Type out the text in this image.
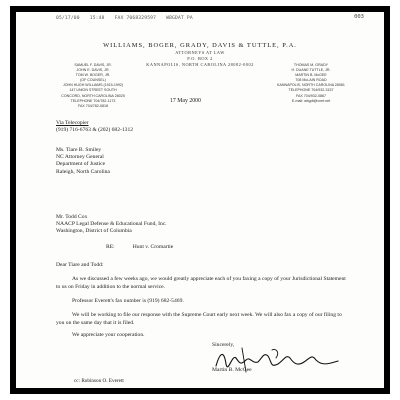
05/17/00 15:48 FAX 7068329597 WBGDAT PA	003
WILLIAMS, BOGER, GRADY, DAVIS & TUTTLE, P.A.
ATTORNEYS AT LAW
P.O. BOX 2
KANNAPOLIS, NORTH CAROLINA 28082-0002
SAMUEL F. DAVIS, JR.
JOHN E. DAVIS, JR.
TOM W. BOGER, JR.
(OF COUNSEL)
JOHN HUGH WILLIAMS (1915-1992)
147 UNION STREET SOUTH
CONCORD, NORTH CAROLINA 28025
TELEPHONE 704/782-1173
FAX 704/782-0818
THOMAS M. GRADY
H. DUANE TUTTLE, JR.
MARTIN B. McGEE
708 McLAIN ROAD
KANNAPOLIS, NORTH CAROLINA 28081
TELEPHONE 704/932-3157
FAX 704/932-0867
E-mail: wbgdt@vnet.net
17 May 2000
Via Telecopier
(919) 716-6763 & (202) 682-1312
Ms. Tiare B. Smiley
NC Attorney General
Department of Justice
Raleigh, North Carolina
Mr. Todd Cox
NAACP Legal Defense & Educational Fund, Inc.
Washington, District of Columbia
RE:	Hunt v. Cromartie
Dear Tiare and Todd:
As we discussed a few weeks ago, we would greatly appreciate each of you faxing a copy of your Jurisdictional Statement to us on Friday in addition to the normal service.
Professor Everett's fax number is (919) 682-5469.
We will be working to file our response with the Supreme Court early next week. We will also fax a copy of our filing to you on the same day that it is filed.
We appreciate your cooperation.
Sincerely,
Martin B. McGee
cc: Robinson O. Everett
